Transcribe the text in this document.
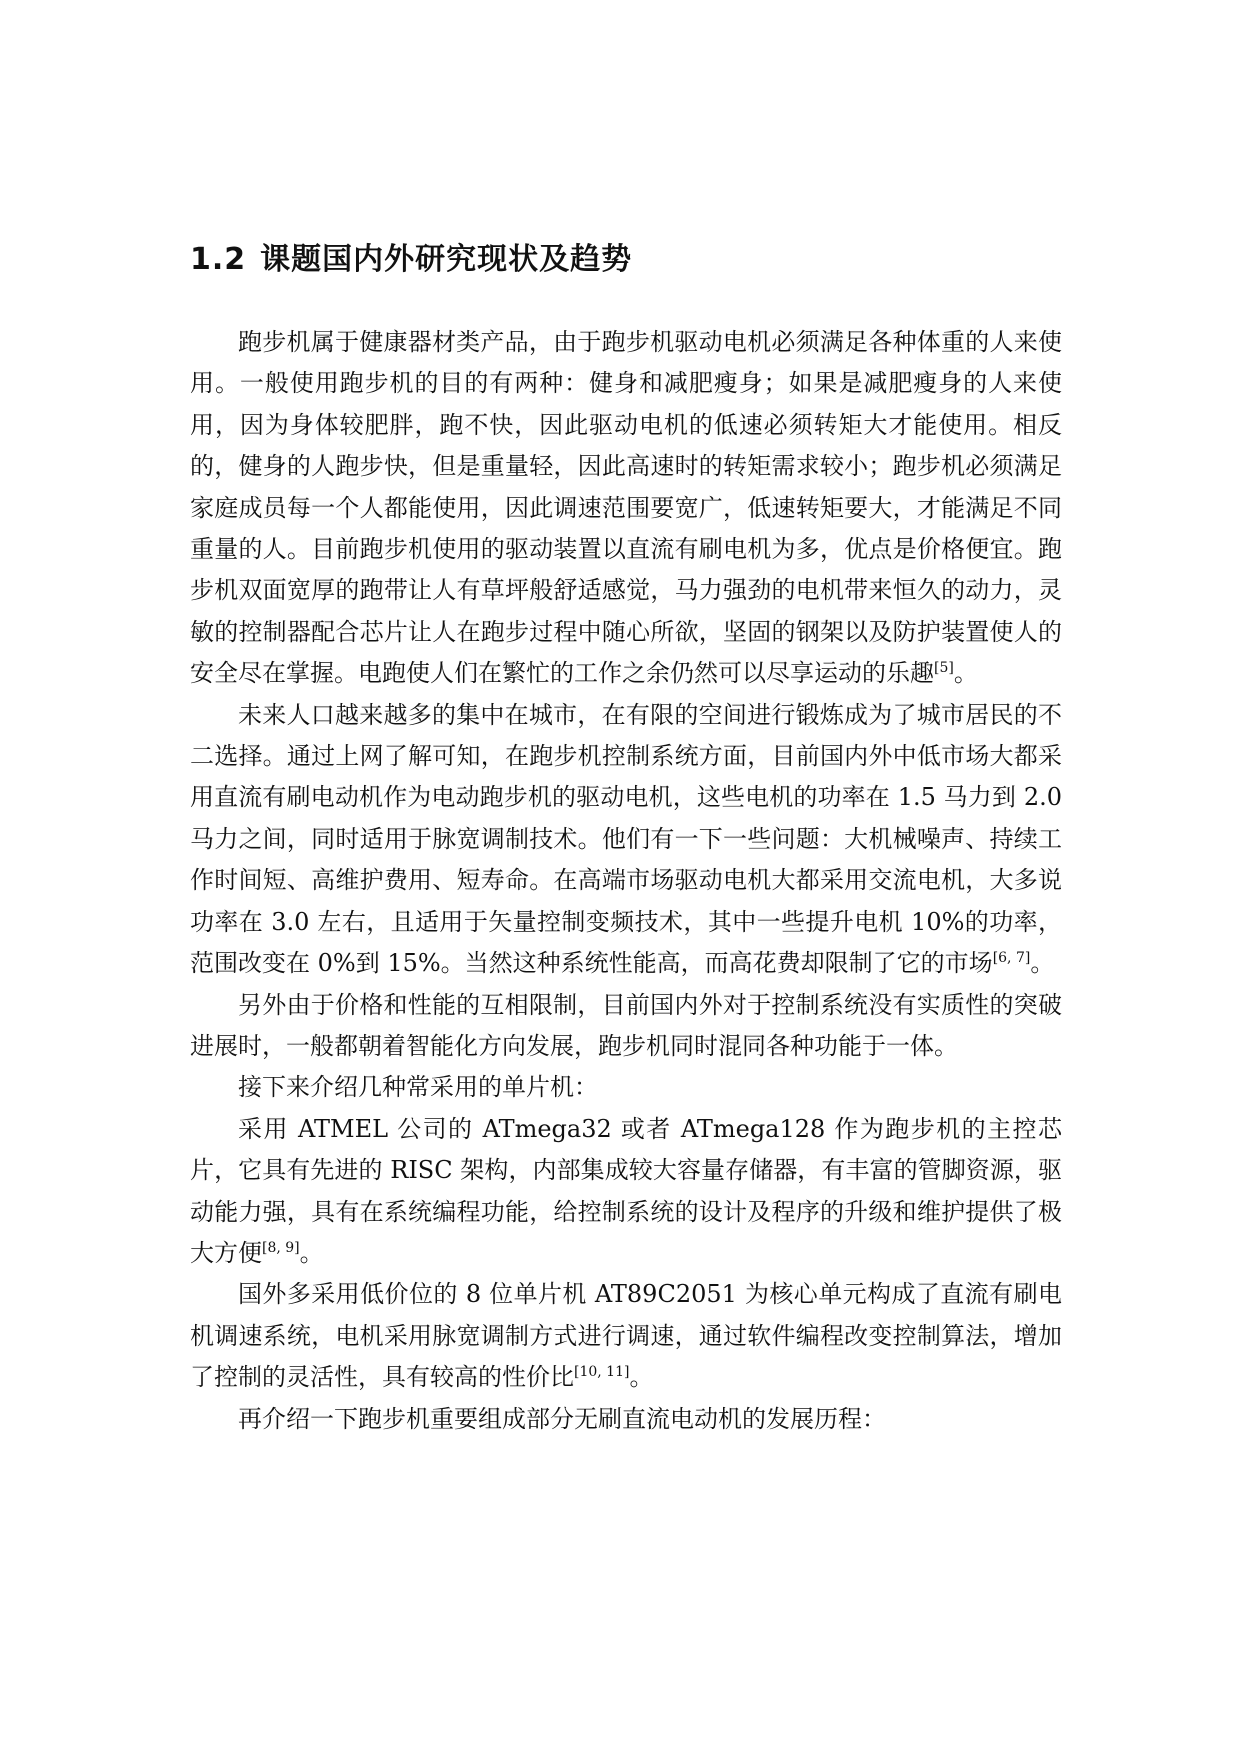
1.2 课题国内外研究现状及趋势

跑步机属于健康器材类产品，由于跑步机驱动电机必须满足各种体重的人来使用。一般使用跑步机的目的有两种：健身和减肥瘦身；如果是减肥瘦身的人来使用，因为身体较肥胖，跑不快，因此驱动电机的低速必须转矩大才能使用。相反的，健身的人跑步快，但是重量轻，因此高速时的转矩需求较小；跑步机必须满足家庭成员每一个人都能使用，因此调速范围要宽广，低速转矩要大，才能满足不同重量的人。目前跑步机使用的驱动装置以直流有刷电机为多，优点是价格便宜。跑步机双面宽厚的跑带让人有草坪般舒适感觉，马力强劲的电机带来恒久的动力，灵敏的控制器配合芯片让人在跑步过程中随心所欲，坚固的钢架以及防护装置使人的安全尽在掌握。电跑使人们在繁忙的工作之余仍然可以尽享运动的乐趣[5]。

未来人口越来越多的集中在城市，在有限的空间进行锻炼成为了城市居民的不二选择。通过上网了解可知，在跑步机控制系统方面，目前国内外中低市场大都采用直流有刷电动机作为电动跑步机的驱动电机，这些电机的功率在 1.5 马力到 2.0 马力之间，同时适用于脉宽调制技术。他们有一下一些问题：大机械噪声、持续工作时间短、高维护费用、短寿命。在高端市场驱动电机大都采用交流电机，大多说功率在 3.0 左右，且适用于矢量控制变频技术，其中一些提升电机 10%的功率，范围改变在 0%到 15%。当然这种系统性能高，而高花费却限制了它的市场[6, 7]。

另外由于价格和性能的互相限制，目前国内外对于控制系统没有实质性的突破进展时，一般都朝着智能化方向发展，跑步机同时混同各种功能于一体。

接下来介绍几种常采用的单片机：

采用 ATMEL 公司的 ATmega32 或者 ATmega128 作为跑步机的主控芯片，它具有先进的 RISC 架构，内部集成较大容量存储器，有丰富的管脚资源，驱动能力强，具有在系统编程功能，给控制系统的设计及程序的升级和维护提供了极大方便[8, 9]。

国外多采用低价位的 8 位单片机 AT89C2051 为核心单元构成了直流有刷电机调速系统，电机采用脉宽调制方式进行调速，通过软件编程改变控制算法，增加了控制的灵活性，具有较高的性价比[10, 11]。

再介绍一下跑步机重要组成部分无刷直流电动机的发展历程：
